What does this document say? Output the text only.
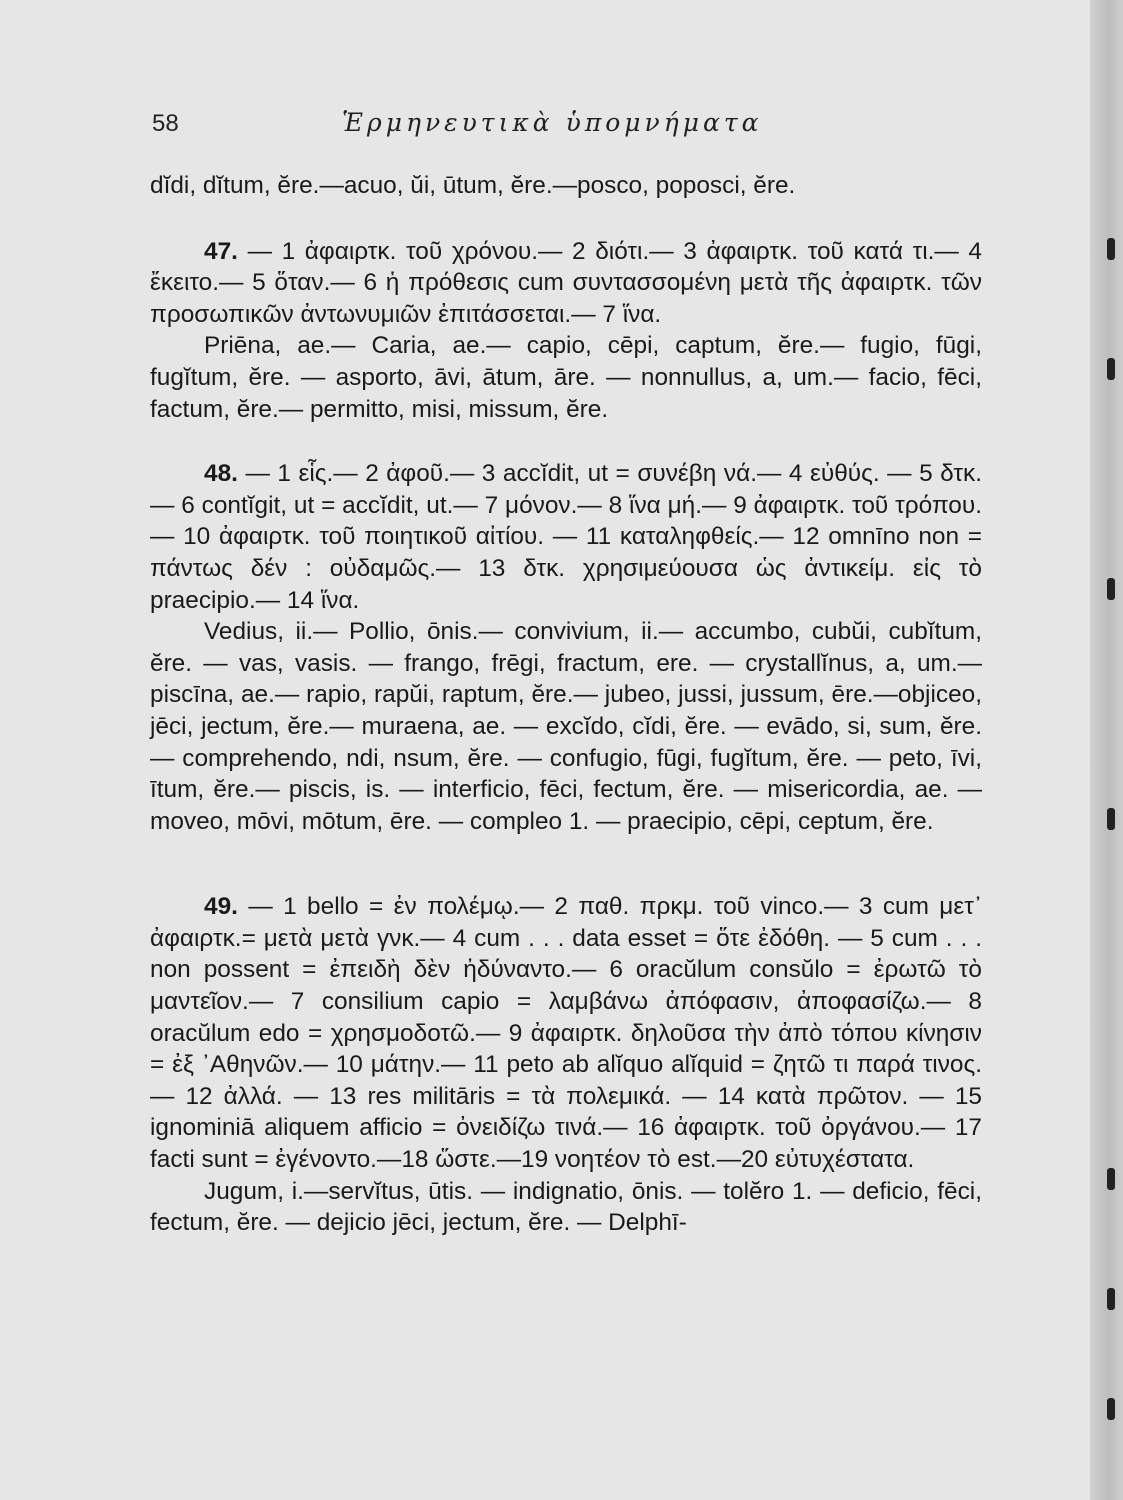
58	Ἑρμηνευτικὰ ὑπομνήματα

dĭdi, dĭtum, ĕre.—acuo, ŭi, ūtum, ĕre.—posco, poposci, ĕre.

47. — 1 ἀφαιρτκ. τοῦ χρόνου.— 2 διότι.— 3 ἀφαιρτκ. τοῦ κατά τι.— 4 ἔκειτο.— 5 ὅταν.— 6 ἡ πρόθεσις cum συντασσομένη μετὰ τῆς ἀφαιρτκ. τῶν προσωπικῶν ἀντωνυμιῶν ἐπιτάσσεται.— 7 ἵνα.

Priēna, ae.— Caria, ae.— capio, cēpi, captum, ĕre.— fugio, fūgi, fugĭtum, ĕre. — asporto, āvi, ātum, āre. — nonnullus, a, um.— facio, fēci, factum, ĕre.— permitto, misi, missum, ĕre.

48. — 1 εἷς.— 2 ἀφοῦ.— 3 accĭdit, ut = συνέβη νά.— 4 εὐθύς. — 5 δτκ.— 6 contĭgit, ut = accĭdit, ut.— 7 μόνον.— 8 ἵνα μή.— 9 ἀφαιρτκ. τοῦ τρόπου. — 10 ἀφαιρτκ. τοῦ ποιητικοῦ αἰτίου. — 11 καταληφθείς.— 12 omnīno non = πάντως δέν : οὐδαμῶς.— 13 δτκ. χρησιμεύουσα ὡς ἀντικείμ. εἰς τὸ praecipio.— 14 ἵνα.

Vedius, ii.— Pollio, ōnis.— convivium, ii.— accumbo, cubŭi, cubĭtum, ĕre. — vas, vasis. — frango, frēgi, fractum, ere. — crystallĭnus, a, um.— piscīna, ae.— rapio, rapŭi, raptum, ĕre.— jubeo, jussi, jussum, ēre.—objiceo, jēci, jectum, ĕre.— muraena, ae. — excĭdo, cĭdi, ĕre. — evādo, si, sum, ĕre. — comprehendo, ndi, nsum, ĕre. — confugio, fūgi, fugĭtum, ĕre. — peto, īvi, ītum, ĕre.— piscis, is. — interficio, fēci, fectum, ĕre. — misericordia, ae. — moveo, mōvi, mōtum, ēre. — compleo 1. — praecipio, cēpi, ceptum, ĕre.

49. — 1 bello = ἐν πολέμῳ.— 2 παθ. πρκμ. τοῦ vinco.— 3 cum μετ᾿ ἀφαιρτκ.= μετὰ μετὰ γνκ.— 4 cum . . . data esset = ὅτε ἐδόθη. — 5 cum . . . non possent = ἐπειδὴ δὲν ἠδύναντο.— 6 oracŭlum consŭlo = ἐρωτῶ τὸ μαντεῖον.— 7 consilium capio = λαμβάνω ἀπόφασιν, ἀποφασίζω.— 8 oracŭlum edo = χρησμοδοτῶ.— 9 ἀφαιρτκ. δηλοῦσα τὴν ἀπὸ τόπου κίνησιν = ἐξ ᾿Αθηνῶν.— 10 μάτην.— 11 peto ab alĭquo alĭquid = ζητῶ τι παρά τινος. — 12 ἀλλά. — 13 res militāris = τὰ πολεμικά. — 14 κατὰ πρῶτον. — 15 ignominiā aliquem afficio = ὀνειδίζω τινά.— 16 ἀφαιρτκ. τοῦ ὀργάνου.— 17 facti sunt = ἐγένοντο.—18 ὥστε.—19 νοητέον τὸ est.—20 εὐτυχέστατα.

Jugum, i.—servĭtus, ūtis. — indignatio, ōnis. — tolĕro 1. — deficio, fēci, fectum, ĕre. — dejicio jēci, jectum, ĕre. — Delphī-
